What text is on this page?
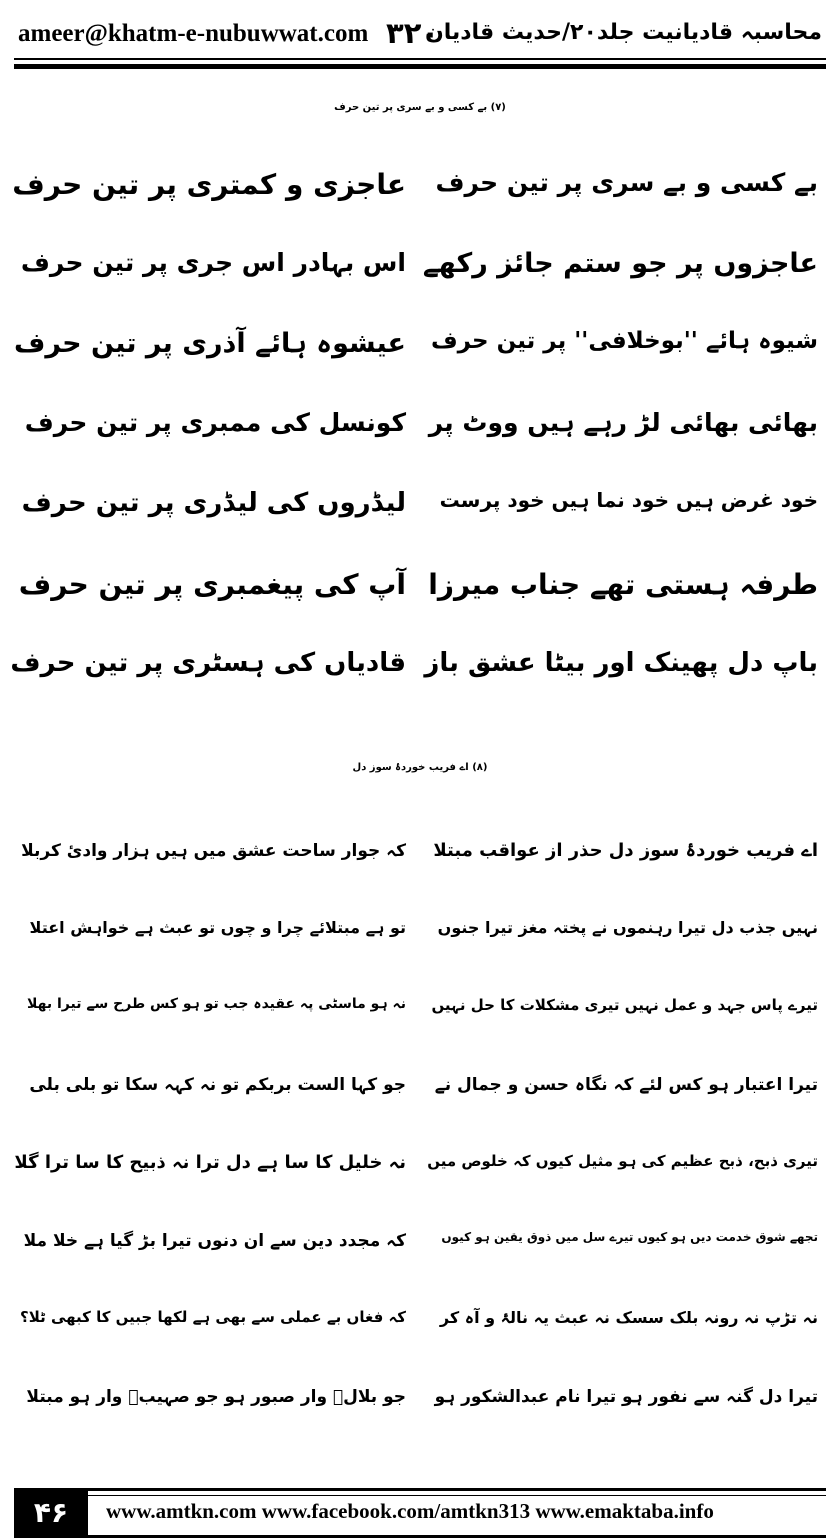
ameer@khatm-e-nubuwwat.com ۳۲۰
محاسبہ قادیانیت جلد۲۰/حدیث قادیان
(۷) بے کسی و بے سری پر تین حرف
بے کسی و بے سری پر تین حرف
عاجزی و کمتری پر تین حرف
عاجزوں پر جو ستم جائز رکھے
اس بہادر اس جری پر تین حرف
شیوہ ہائے ''بوخلافی'' پر تین حرف
عیشوہ ہائے آذری پر تین حرف
بھائی بھائی لڑ رہے ہیں ووٹ پر
کونسل کی ممبری پر تین حرف
خود غرض ہیں خود نما ہیں خود پرست
لیڈروں کی لیڈری پر تین حرف
طرفہ ہستی تھے جناب میرزا
آپ کی پیغمبری پر تین حرف
باپ دل پھینک اور بیٹا عشق باز
قادیاں کی ہسٹری پر تین حرف
(۸) اے فریب خوردۂ سوز دل
اے فریب خوردۂ سوز دل حذر از عواقب مبتلا
کہ جوار ساحت عشق میں ہیں ہزار وادیٔ کربلا
نہیں جذب دل تیرا رہنموں نے پختہ مغز تیرا جنوں
تو ہے مبتلائے چرا و چوں تو عبث ہے خواہش اعتلا
تیرے پاس جہد و عمل نہیں تیری مشکلات کا حل نہیں
نہ ہو ماسٹی پہ عقیدہ جب تو ہو کس طرح سے تیرا بھلا
تیرا اعتبار ہو کس لئے کہ نگاہ حسن و جمال نے
جو کہا الست بربکم تو نہ کہہ سکا تو بلی بلی
تیری ذبح، ذبح عظیم کی ہو مثیل کیوں کہ خلوص میں
نہ خلیل کا سا ہے دل ترا نہ ذبیح کا سا ترا گلا
تجھے شوق خدمت دیں ہو کیوں تیرے سل میں ذوق یقین ہو کیوں
کہ مجدد دین سے ان دنوں تیرا بڑ گیا ہے خلا ملا
نہ تڑپ نہ رونہ بلک سسک نہ عبث یہ نالۂ و آہ کر
کہ فغاں بے عملی سے بھی ہے لکھا جبیں کا کبھی ٹلا؟
تیرا دل گنہ سے نفور ہو تیرا نام عبدالشکور ہو
جو بلالؓ وار صبور ہو جو صہیبؓ وار ہو مبتلا
۴۶	www.amtkn.com www.facebook.com/amtkn313 www.emaktaba.info
